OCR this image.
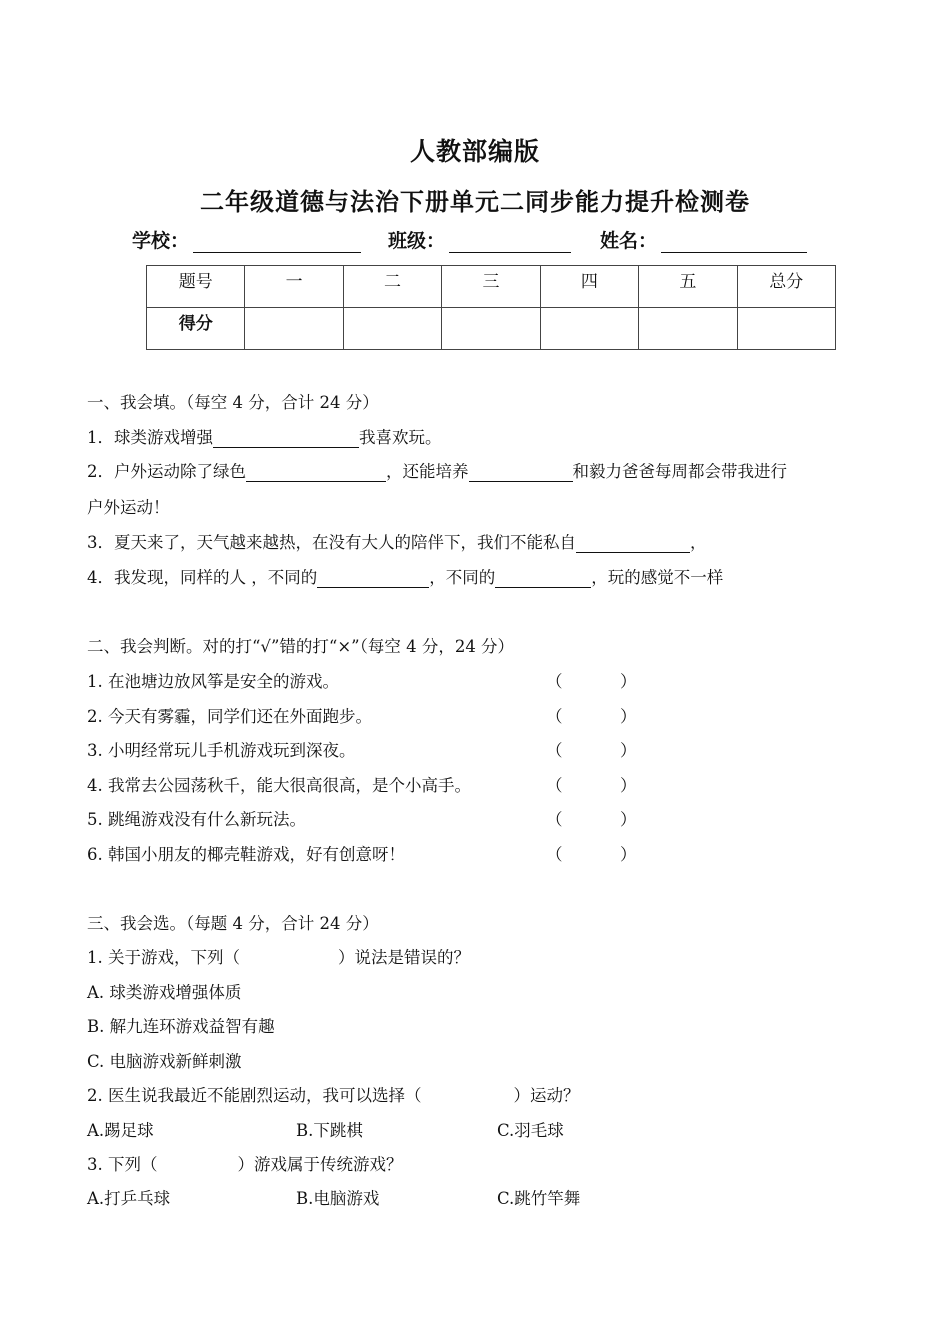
人教部编版
二年级道德与法治下册单元二同步能力提升检测卷
学校：	班级：	姓名：
题号	一	二	三	四	五	总分
得分						
一、我会填。（每空 4 分，合计 24 分）
1．球类游戏增强	我喜欢玩。
2．户外运动除了绿色	，还能培养	和毅力爸爸每周都会带我进行
户外运动！
3．夏天来了，天气越来越热，在没有大人的陪伴下，我们不能私自	，
4．我发现，同样的人 ，不同的	，不同的	，玩的感觉不一样
二、我会判断。对的打“√”错的打“×”（每空 4 分，24 分）
1. 在池塘边放风筝是安全的游戏。	（	）
2. 今天有雾霾，同学们还在外面跑步。	（	）
3. 小明经常玩儿手机游戏玩到深夜。	（	）
4. 我常去公园荡秋千，能大很高很高，是个小高手。	（	）
5. 跳绳游戏没有什么新玩法。	（	）
6. 韩国小朋友的椰壳鞋游戏，好有创意呀！	（	）
三、我会选。（每题 4 分，合计 24 分）
1. 关于游戏，下列（	）说法是错误的？
A. 球类游戏增强体质
B. 解九连环游戏益智有趣
C. 电脑游戏新鲜刺激
2. 医生说我最近不能剧烈运动，我可以选择（	）运动？
A.踢足球	B.下跳棋	C.羽毛球
3. 下列（	）游戏属于传统游戏？
A.打乒乓球	B.电脑游戏	C.跳竹竿舞
